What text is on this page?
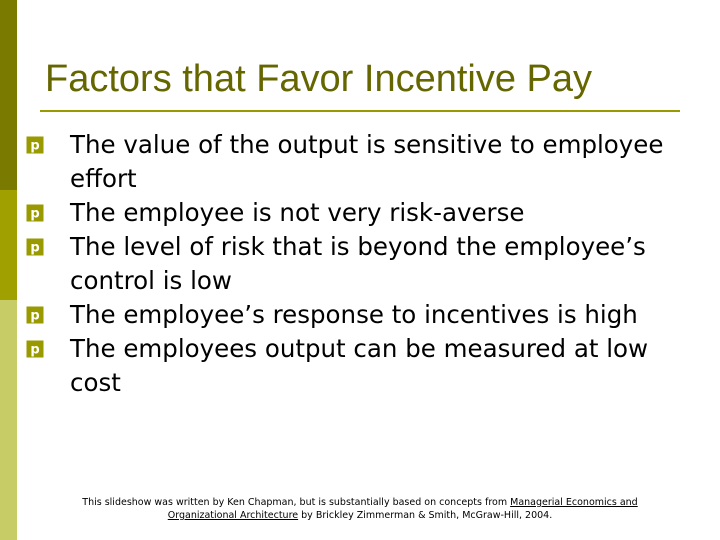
Factors that Favor Incentive Pay
p The value of the output is sensitive to employee effort
p The employee is not very risk-averse
p The level of risk that is beyond the employee’s control is low
p The employee’s response to incentives is high
p The employees output can be measured at low cost
This slideshow was written by Ken Chapman, but is substantially based on concepts from Managerial Economics and Organizational Architecture by Brickley Zimmerman & Smith, McGraw-Hill, 2004.
